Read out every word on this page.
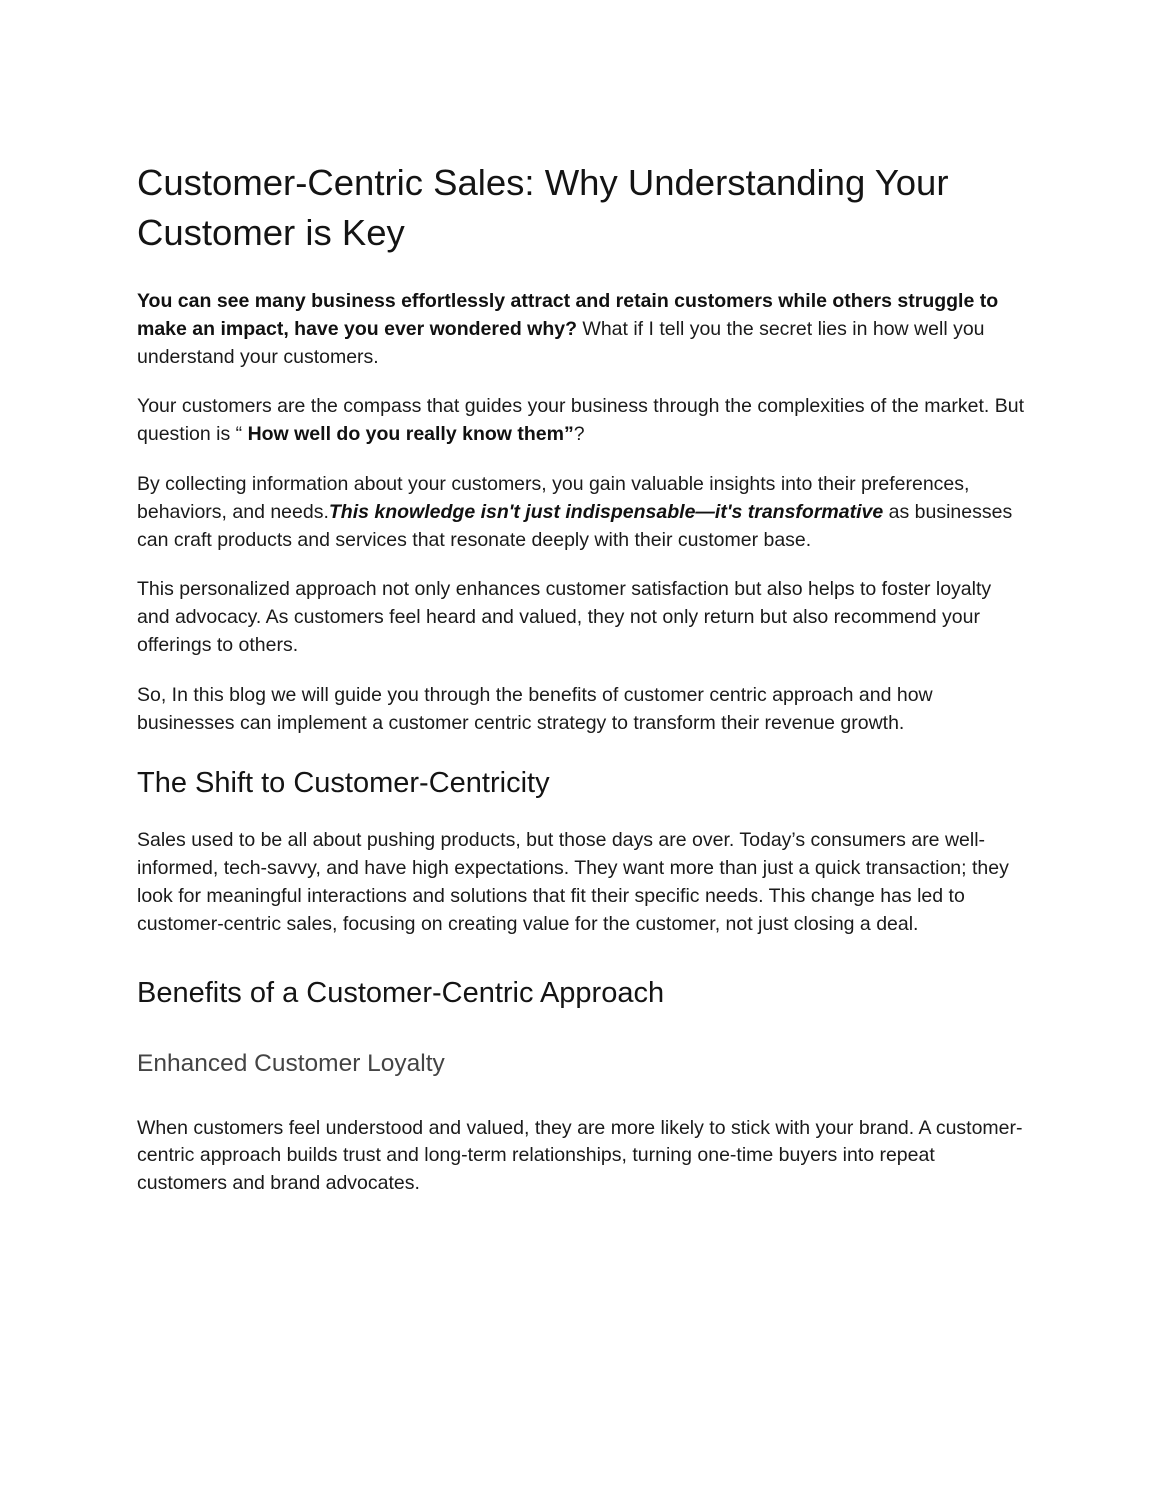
Customer-Centric Sales: Why Understanding Your Customer is Key

You can see many business effortlessly attract and retain customers while others struggle to make an impact, have you ever wondered why? What if I tell you the secret lies in how well you understand your customers.

Your customers are the compass that guides your business through the complexities of the market. But question is “ How well do you really know them”?

By collecting information about your customers, you gain valuable insights into their preferences, behaviors, and needs.This knowledge isn't just indispensable—it's transformative as businesses can craft products and services that resonate deeply with their customer base.

This personalized approach not only enhances customer satisfaction but also helps to foster loyalty and advocacy. As customers feel heard and valued, they not only return but also recommend your offerings to others.

So, In this blog we will guide you through the benefits of customer centric approach and how businesses can implement a customer centric strategy to transform their revenue growth.

The Shift to Customer-Centricity

Sales used to be all about pushing products, but those days are over. Today’s consumers are well-informed, tech-savvy, and have high expectations. They want more than just a quick transaction; they look for meaningful interactions and solutions that fit their specific needs. This change has led to customer-centric sales, focusing on creating value for the customer, not just closing a deal.

Benefits of a Customer-Centric Approach
Enhanced Customer Loyalty

When customers feel understood and valued, they are more likely to stick with your brand. A customer-centric approach builds trust and long-term relationships, turning one-time buyers into repeat customers and brand advocates.
